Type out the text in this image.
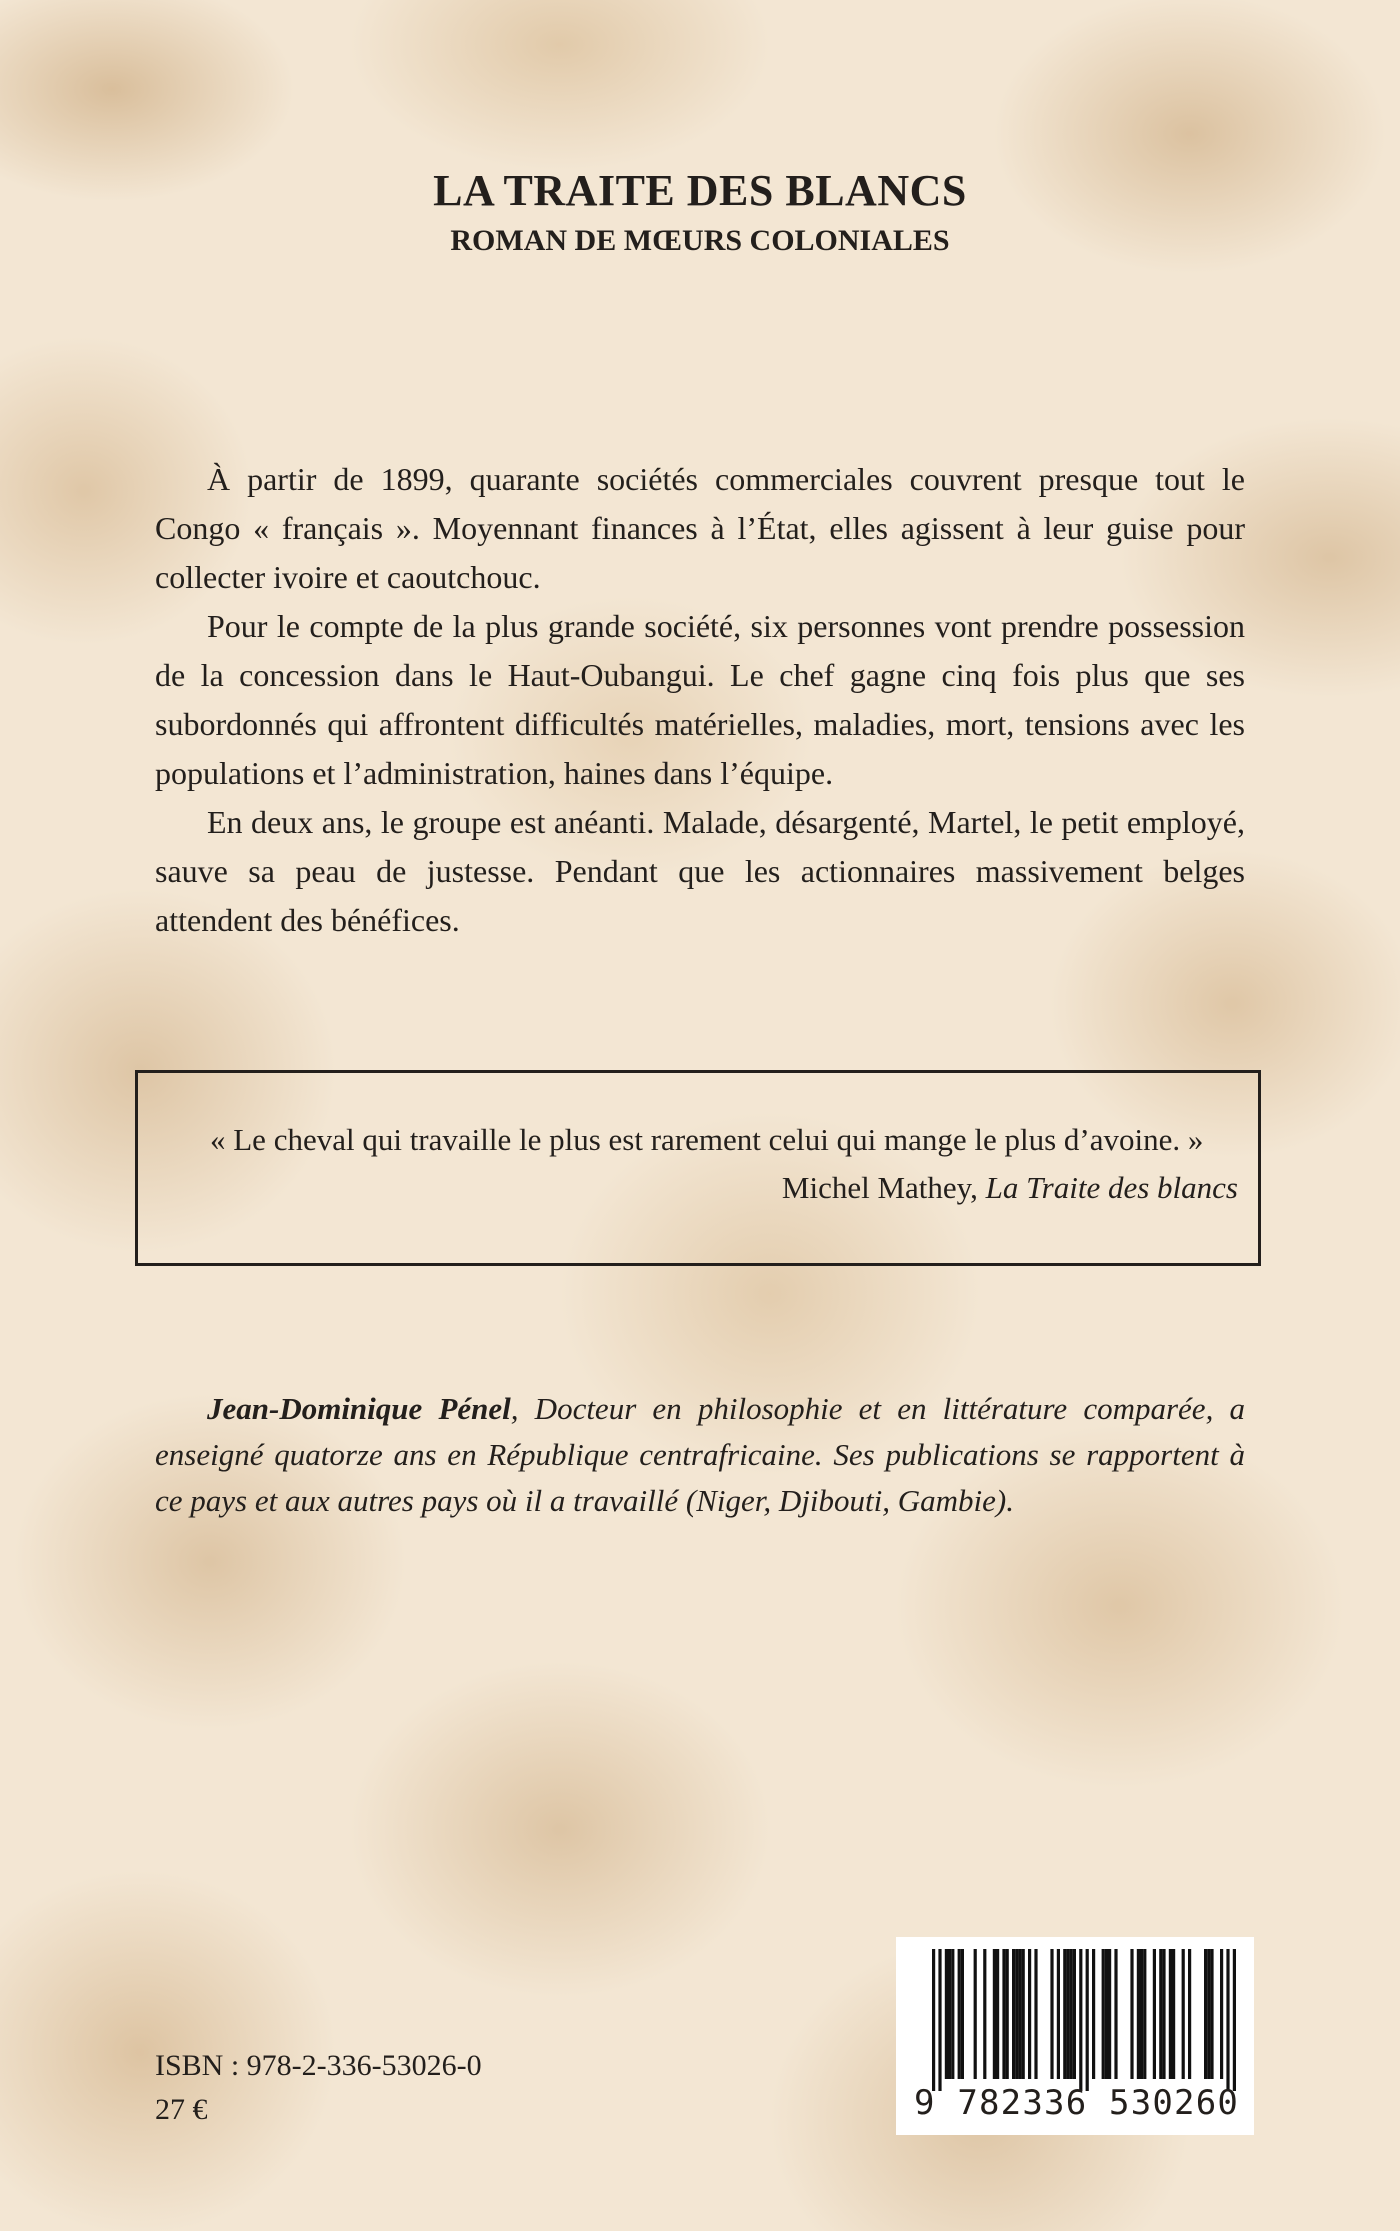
LA TRAITE DES BLANCS
ROMAN DE MŒURS COLONIALES

À partir de 1899, quarante sociétés commerciales couvrent presque tout le Congo « français ». Moyennant finances à l’État, elles agissent à leur guise pour collecter ivoire et caoutchouc.

Pour le compte de la plus grande société, six personnes vont prendre possession de la concession dans le Haut-Oubangui. Le chef gagne cinq fois plus que ses subordonnés qui affrontent difficultés matérielles, maladies, mort, tensions avec les populations et l’administration, haines dans l’équipe.

En deux ans, le groupe est anéanti. Malade, désargenté, Martel, le petit employé, sauve sa peau de justesse. Pendant que les actionnaires massivement belges attendent des bénéfices.

« Le cheval qui travaille le plus est rarement celui qui mange le plus d’avoine. »

Michel Mathey, La Traite des blancs

Jean-Dominique Pénel, Docteur en philosophie et en littérature comparée, a enseigné quatorze ans en République centrafricaine. Ses publications se rapportent à ce pays et aux autres pays où il a travaillé (Niger, Djibouti, Gambie).

ISBN : 978-2-336-53026-0
27 €	9 782336 530260
